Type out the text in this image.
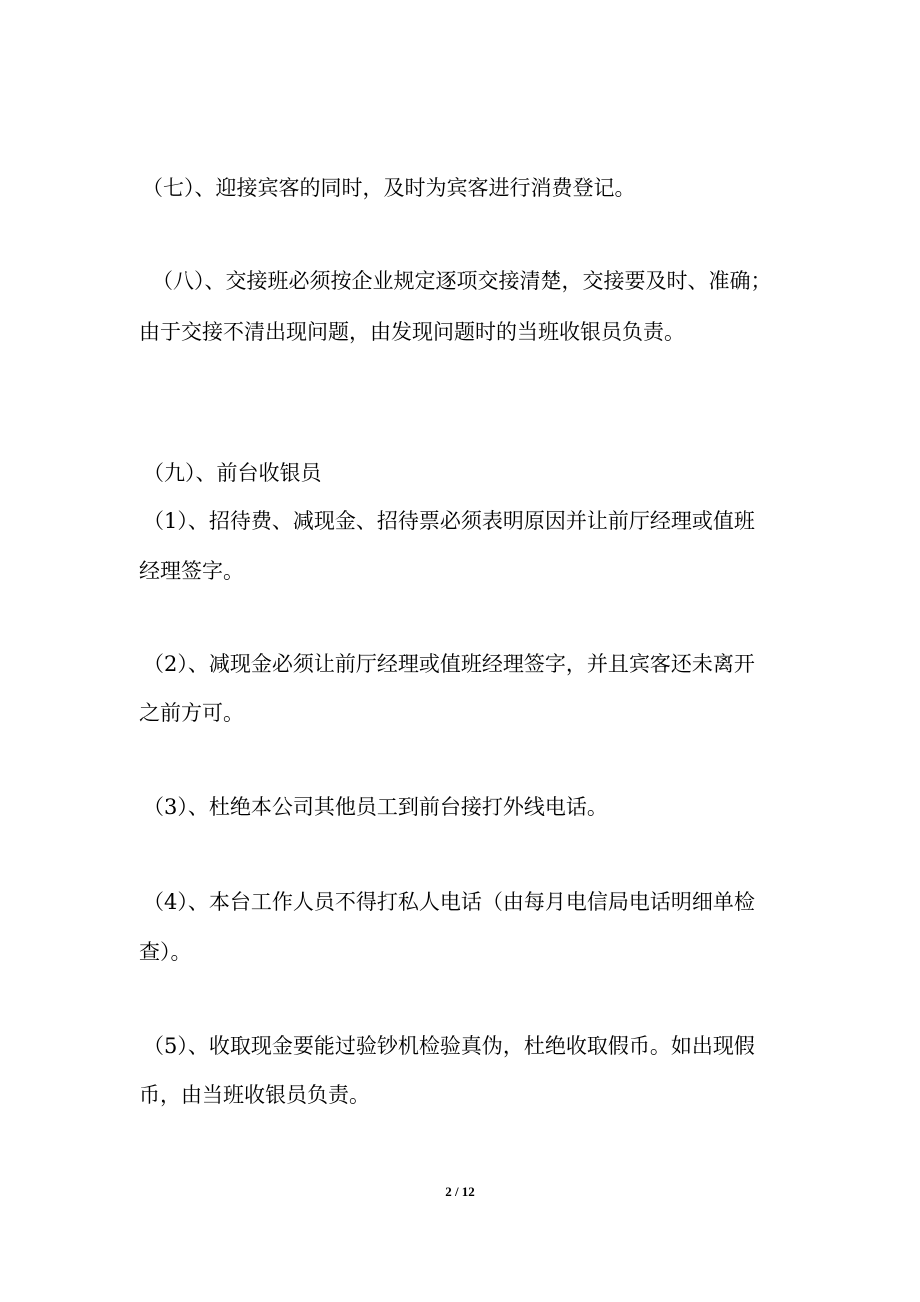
（七）、迎接宾客的同时，及时为宾客进行消费登记。
（八）、交接班必须按企业规定逐项交接清楚，交接要及时、准确；
由于交接不清出现问题，由发现问题时的当班收银员负责。
（九）、前台收银员
（1）、招待费、减现金、招待票必须表明原因并让前厅经理或值班
经理签字。
（2）、减现金必须让前厅经理或值班经理签字，并且宾客还未离开
之前方可。
（3）、杜绝本公司其他员工到前台接打外线电话。
（4）、本台工作人员不得打私人电话（由每月电信局电话明细单检
查）。
（5）、收取现金要能过验钞机检验真伪，杜绝收取假币。如出现假
币，由当班收银员负责。
2 / 12
